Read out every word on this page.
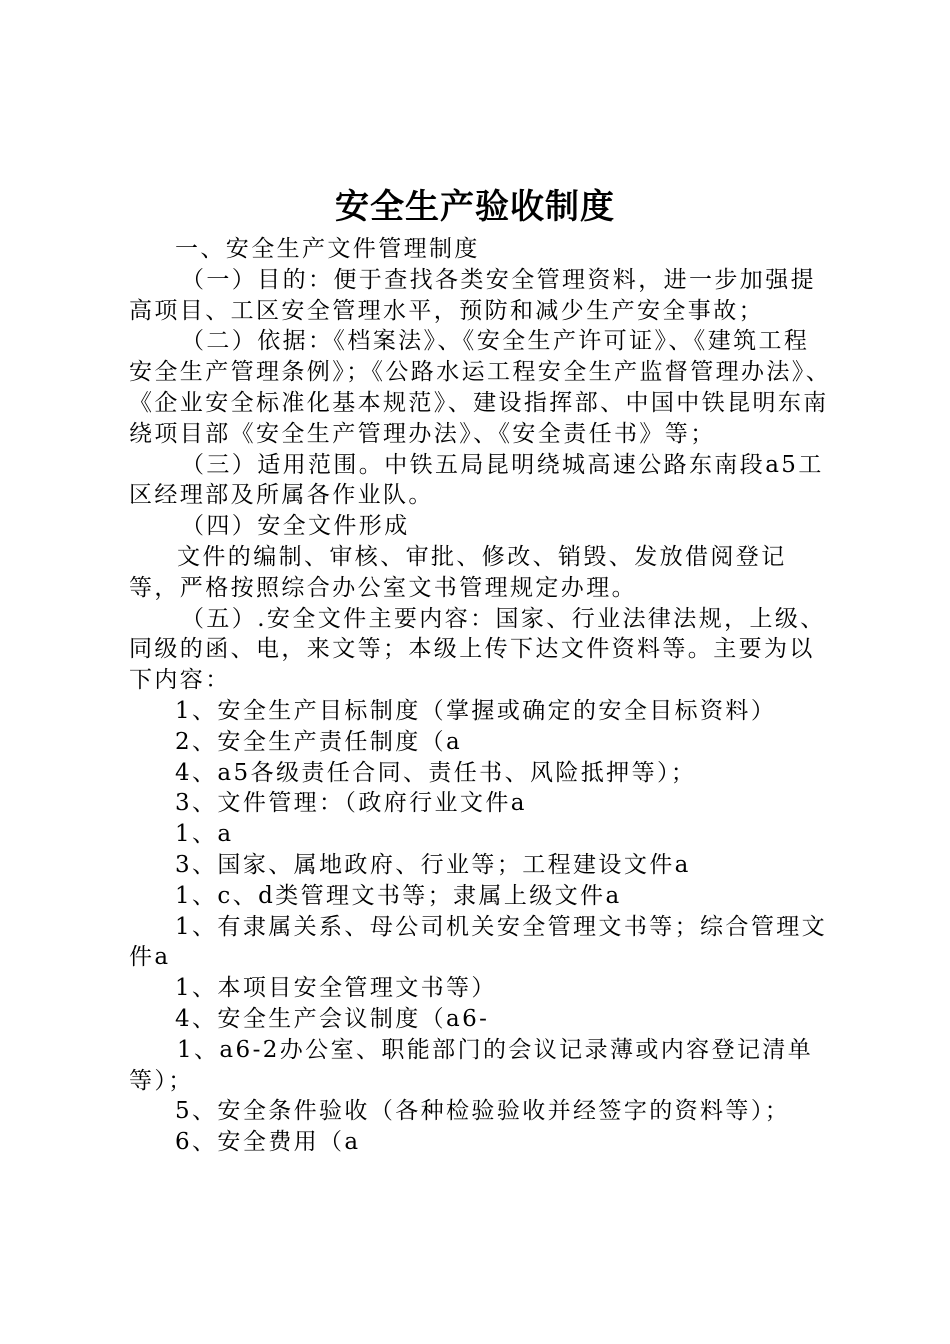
安全生产验收制度

一、安全生产文件管理制度

（一）目的：便于查找各类安全管理资料，进一步加强提高项目、工区安全管理水平，预防和减少生产安全事故；

（二）依据：《档案法》、《安全生产许可证》、《建筑工程安全生产管理条例》；《公路水运工程安全生产监督管理办法》、《企业安全标准化基本规范》、建设指挥部、中国中铁昆明东南绕项目部《安全生产管理办法》、《安全责任书》等；

（三）适用范围。中铁五局昆明绕城高速公路东南段a5工区经理部及所属各作业队。

（四）安全文件形成

文件的编制、审核、审批、修改、销毁、发放借阅登记等，严格按照综合办公室文书管理规定办理。

（五）.安全文件主要内容：国家、行业法律法规，上级、同级的函、电，来文等；本级上传下达文件资料等。主要为以下内容：

1、安全生产目标制度（掌握或确定的安全目标资料）

2、安全生产责任制度（a

4、a5各级责任合同、责任书、风险抵押等）；

3、文件管理：（政府行业文件a

1、a

3、国家、属地政府、行业等；工程建设文件a

1、c、d类管理文书等；隶属上级文件a

1、有隶属关系、母公司机关安全管理文书等；综合管理文件a

1、本项目安全管理文书等）

4、安全生产会议制度（a6-

1、a6-2办公室、职能部门的会议记录薄或内容登记清单等）；

5、安全条件验收（各种检验验收并经签字的资料等）；

6、安全费用（a
